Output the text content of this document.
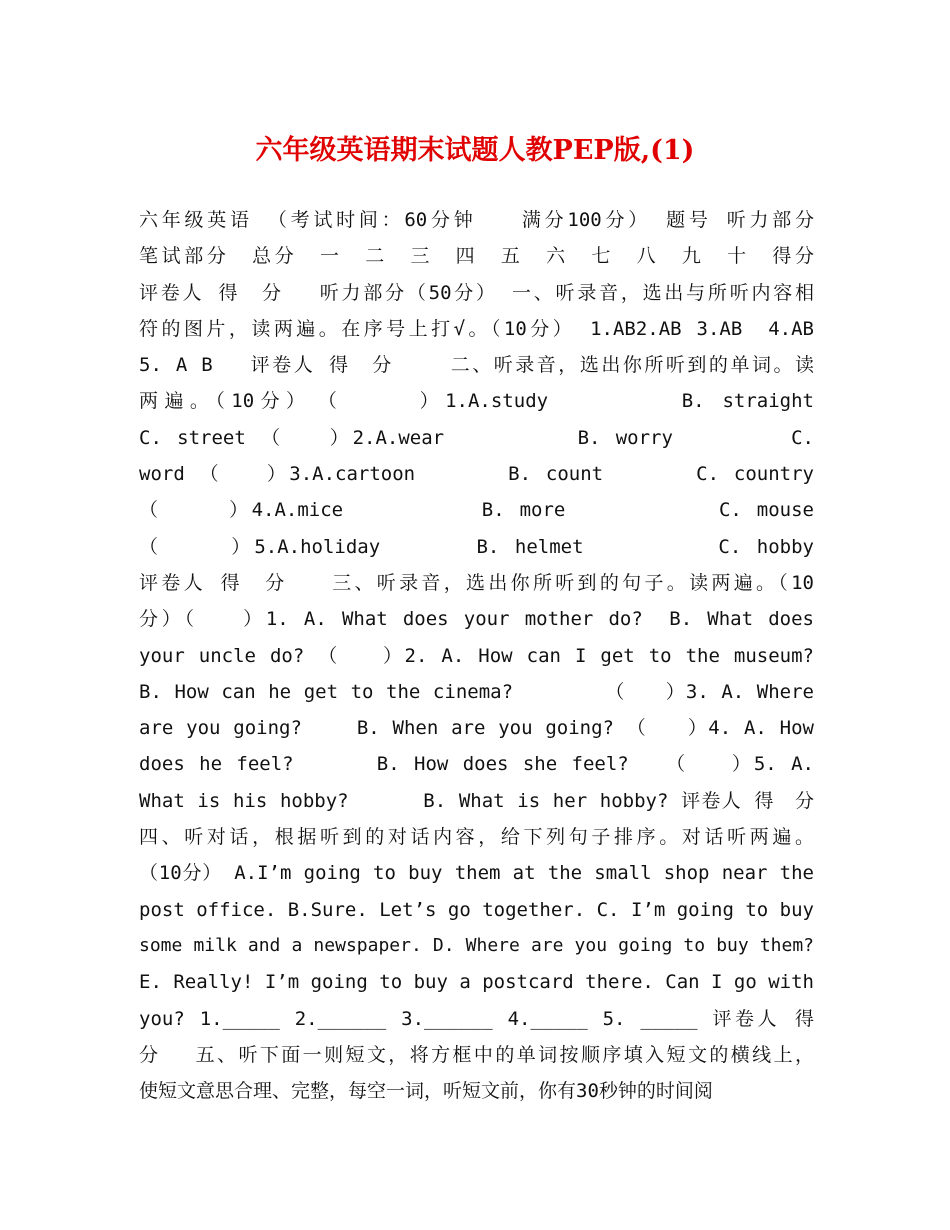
六年级英语期末试题人教PEP版,(1)
六年级英语 （考试时间：60分钟　　满分100分） 题号 听力部分
笔试部分　总分　一　二　三　四　五　六　七　八　九　十　得分
评卷人 得　分　 听力部分（50分） 一、听录音，选出与所听内容相
符的图片，读两遍。在序号上打√。（10分） 1.AB2.AB 3.AB　4.AB
5. A B　 评卷人 得　分　　 二、听录音，选出你所听到的单词。读
两遍。（10分）　（　　　）1.A.study　　　　　B. straight
C. street （　　）2.A.wear　　　　　 B. worry　　　　　C.
word （　　）3.A.cartoon　　　　B. count　　　　C. country
（　　　）4.A.mice　　　　　　B. more　　　　　　 C. mouse
（　　　）5.A.holiday　　　　B. helmet　　　　　 C. hobby
评卷人 得　分　　三、听录音，选出你所听到的句子。读两遍。（10
分）（　　）1. A. What does your mother do?　B. What does
your uncle do? （　　）2. A. How can I get to the museum?
B. How can he get to the cinema?　　　　　（　　）3. A. Where
are you going?　　 B. When are you going? （　　）4. A. How
does he feel?　　　 B. How does she feel?　　（　　）5. A.
What is his hobby?　　　 B. What is her hobby? 评卷人 得　分
四、听对话，根据听到的对话内容，给下列句子排序。对话听两遍。
（10分） A.I’m going to buy them at the small shop near the
post office. B.Sure. Let’s go together. C. I’m going to buy
some milk and a newspaper. D. Where are you going to buy them?
E. Really! I’m going to buy a postcard there. Can I go with
you? 1._____ 2.______ 3.______ 4._____ 5. _____ 评卷人 得
分　 五、听下面一则短文，将方框中的单词按顺序填入短文的横线上，
使短文意思合理、完整，每空一词，听短文前，你有30秒钟的时间阅
